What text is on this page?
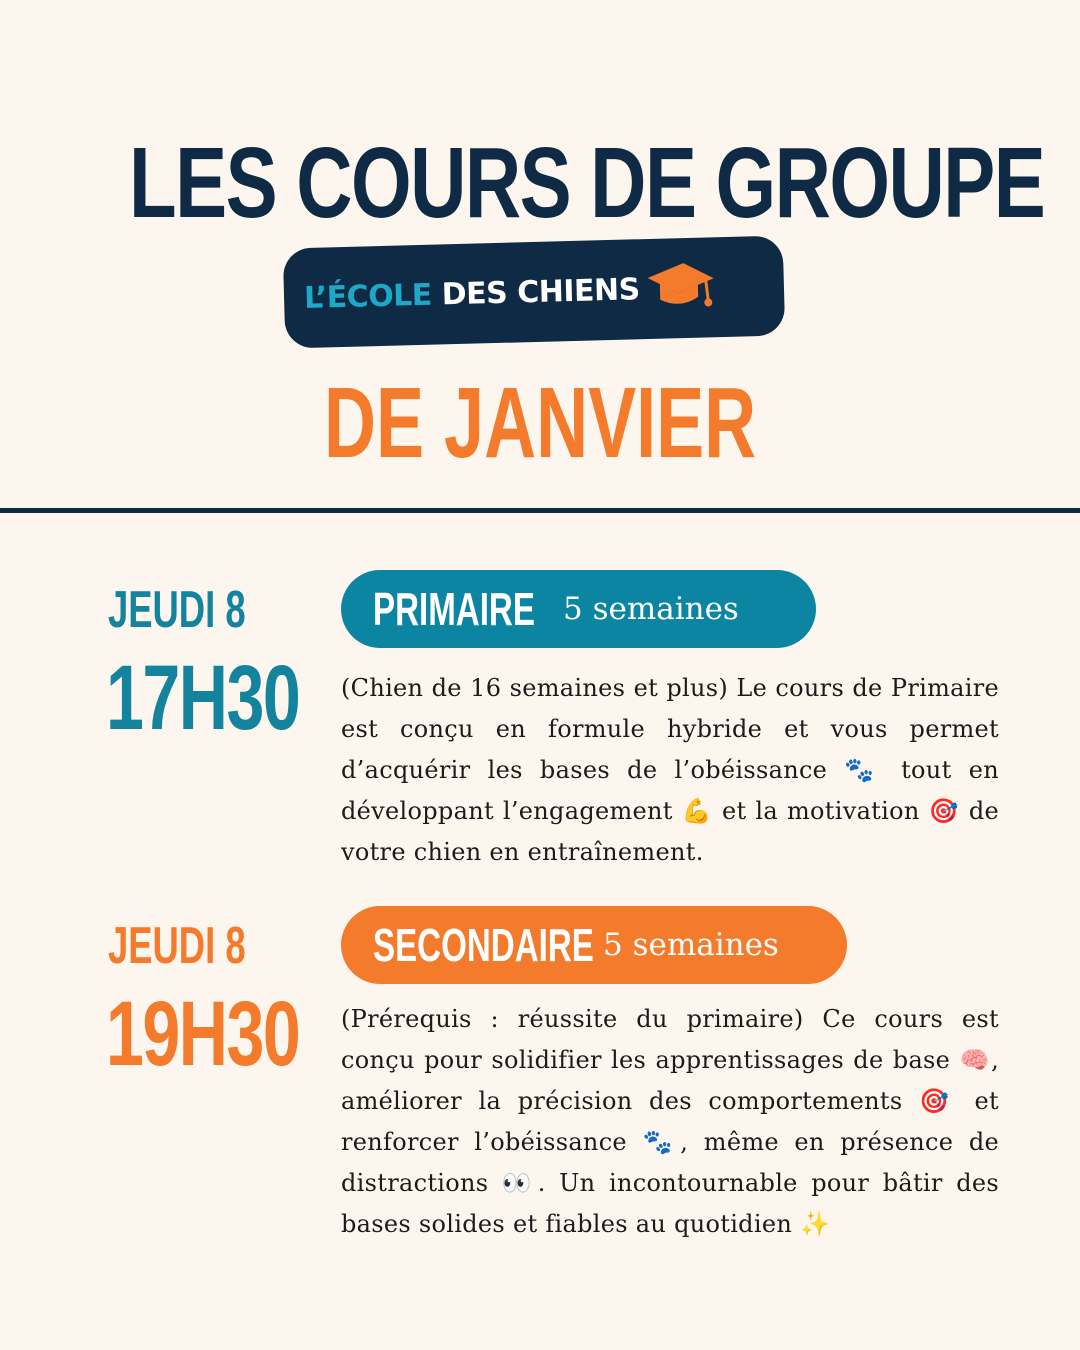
LES COURS DE GROUPE
L’ÉCOLE DES CHIENS
DE JANVIER
JEUDI 8
17H30
PRIMAIRE 5 semaines
(Chien de 16 semaines et plus) Le cours de Primaire est conçu en formule hybride et vous permet d’acquérir les bases de l’obéissance 🐾 tout en développant l’engagement 💪 et la motivation 🎯 de votre chien en entraînement.
JEUDI 8
19H30
SECONDAIRE 5 semaines
(Prérequis : réussite du primaire) Ce cours est conçu pour solidifier les apprentissages de base 🧠, améliorer la précision des comportements 🎯 et renforcer l’obéissance 🐾, même en présence de distractions 👀. Un incontournable pour bâtir des bases solides et fiables au quotidien ✨
